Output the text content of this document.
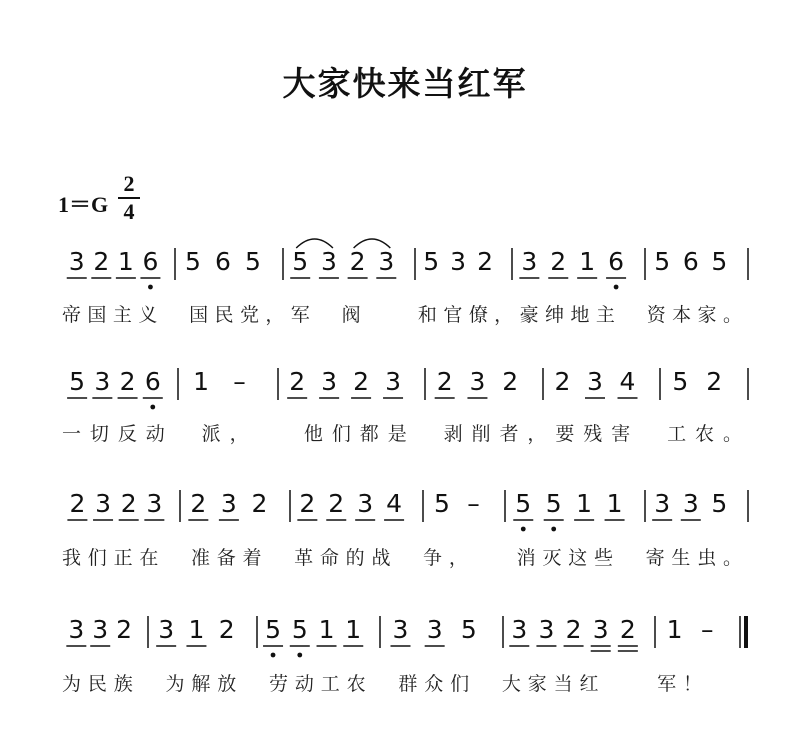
大家快来当红军
1＝G
2
4
3 2 1 6 5 6 5 5 3 2 3 5 3 2 3 2 1 6 5 6 5
帝国主义　国民党，军　阀　　和官僚，豪绅地主　资本家。
5 3 2 6 1 – 2 3 2 3 2 3 2 2 3 4 5 2
一切反动　派，　　他们都是　剥削者，要残害　工农。
2 3 2 3 2 3 2 2 2 3 4 5 – 5 5 1 1 3 3 5
我们正在　准备着　革命的战　争，　　消灭这些　寄生虫。
3 3 2 3 1 2 5 5 1 1 3 3 5 3 3 2 3 2 1 –
为民族　为解放　劳动工农　群众们　大家当红　　军！
